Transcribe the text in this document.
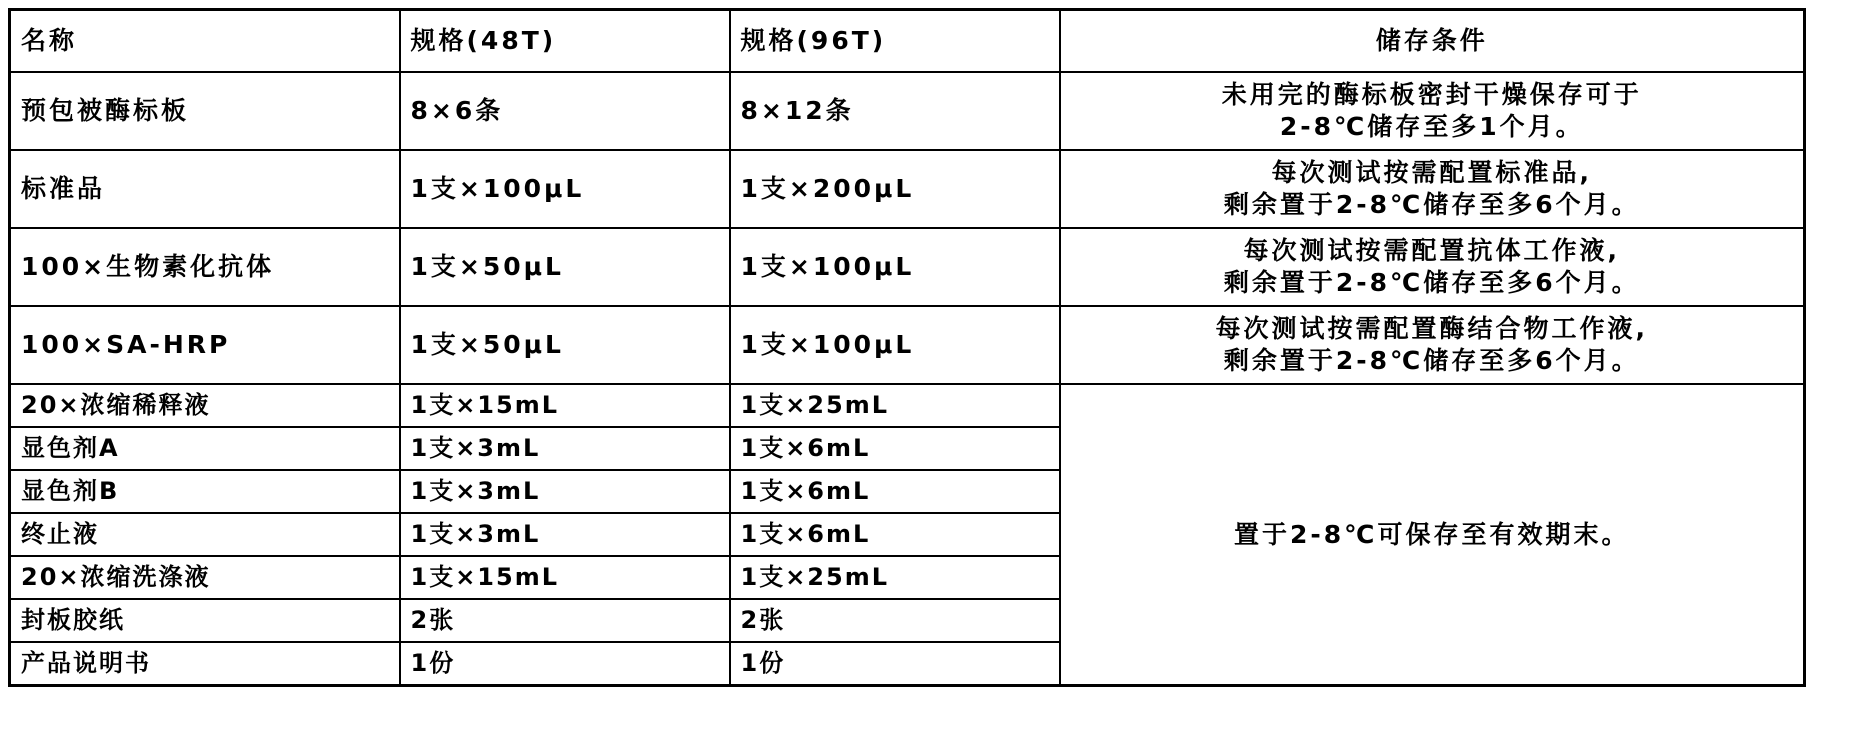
名称	规格(48T)	规格(96T)	储存条件
预包被酶标板	8×6条	8×12条	未用完的酶标板密封干燥保存可于
2-8℃储存至多1个月。

标准品	1支×100μL	1支×200μL	每次测试按需配置标准品,
剩余置于2-8℃储存至多6个月。

100×生物素化抗体	1支×50μL	1支×100μL	每次测试按需配置抗体工作液,
剩余置于2-8℃储存至多6个月。

100×SA-HRP	1支×50μL	1支×100μL	每次测试按需配置酶结合物工作液,
剩余置于2-8℃储存至多6个月。

20×浓缩稀释液	1支×15mL	1支×25mL	置于2-8℃可保存至有效期末。
显色剂A	1支×3mL	1支×6mL	
显色剂B	1支×3mL	1支×6mL	
终止液	1支×3mL	1支×6mL	
20×浓缩洗涤液	1支×15mL	1支×25mL	
封板胶纸	2张	2张	
产品说明书	1份	1份	
